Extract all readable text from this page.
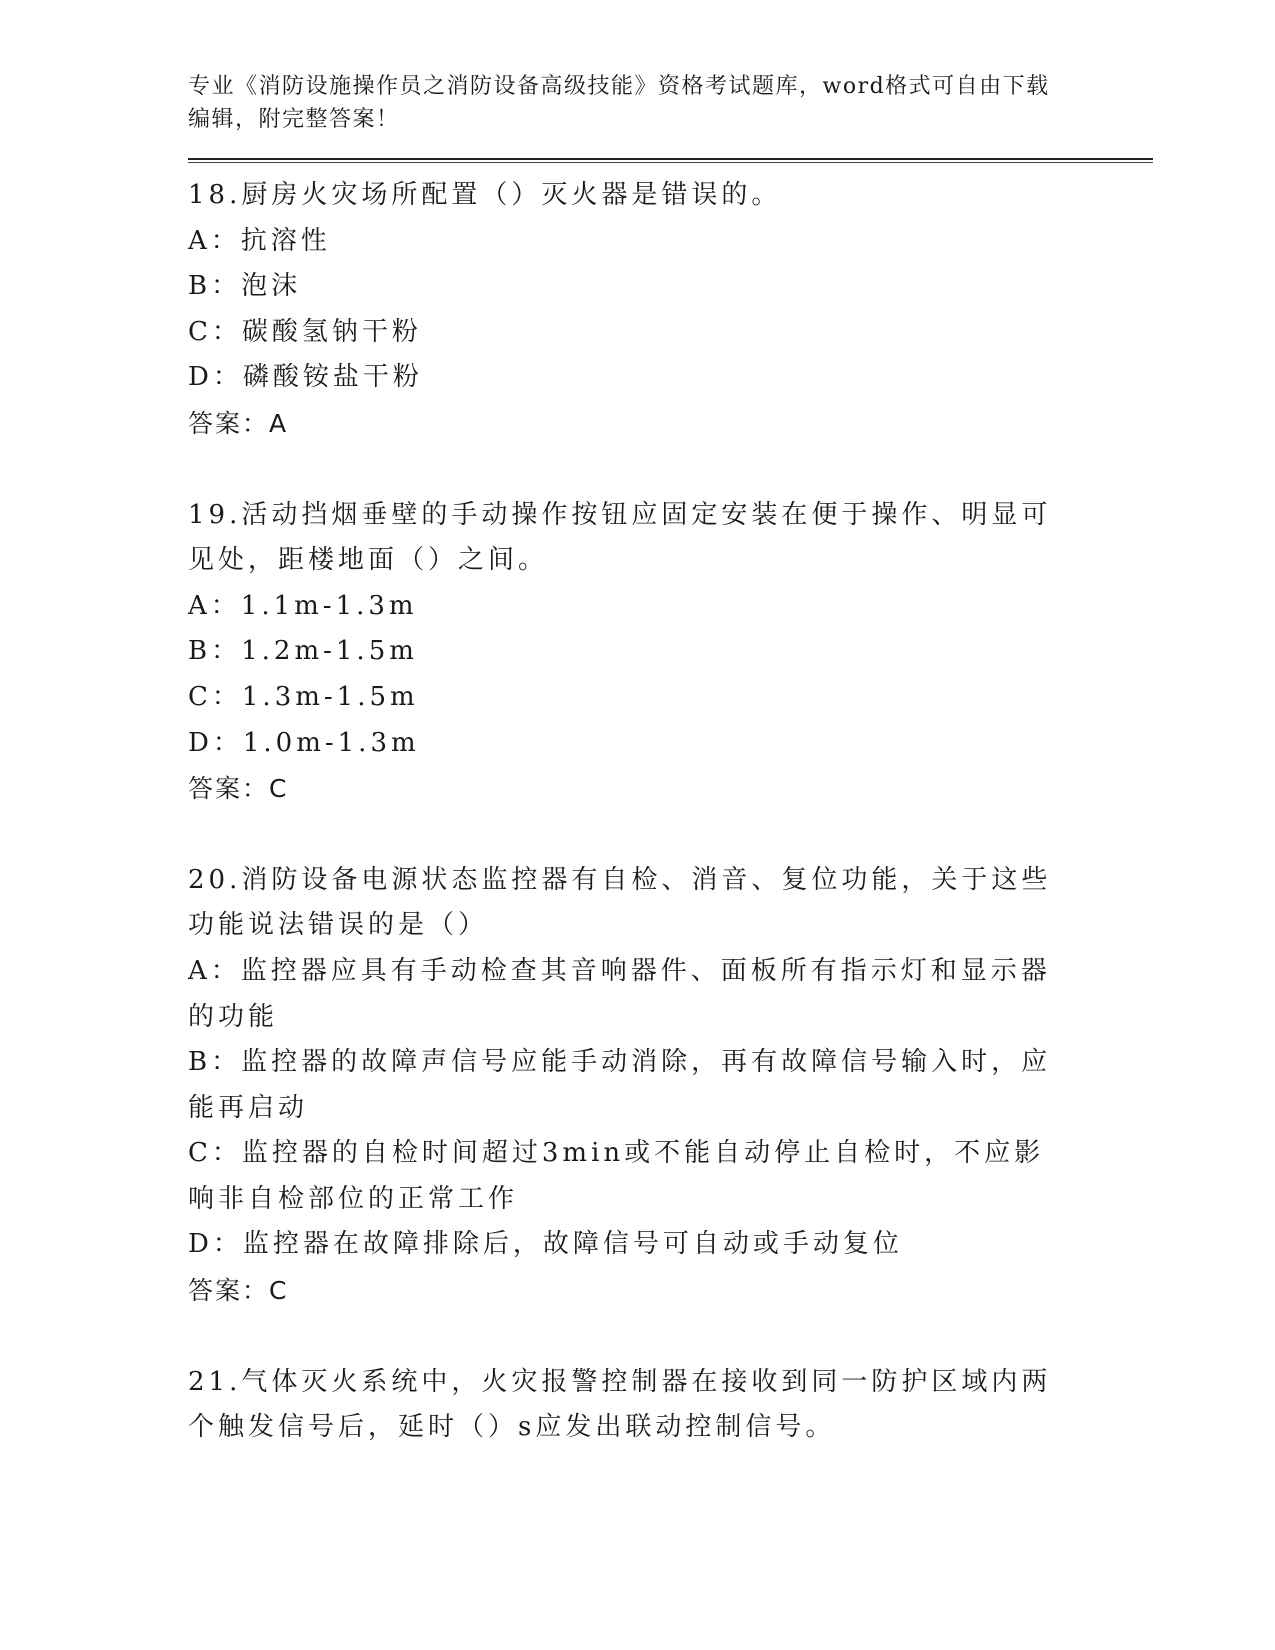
专业《消防设施操作员之消防设备高级技能》资格考试题库，word格式可自由下载编辑，附完整答案！
18.厨房火灾场所配置（）灭火器是错误的。
A：抗溶性
B：泡沫
C：碳酸氢钠干粉
D：磷酸铵盐干粉
答案：A
19.活动挡烟垂壁的手动操作按钮应固定安装在便于操作、明显可见处，距楼地面（）之间。
A：1.1m-1.3m
B：1.2m-1.5m
C：1.3m-1.5m
D：1.0m-1.3m
答案：C
20.消防设备电源状态监控器有自检、消音、复位功能，关于这些功能说法错误的是（）
A：监控器应具有手动检查其音响器件、面板所有指示灯和显示器的功能
B：监控器的故障声信号应能手动消除，再有故障信号输入时，应能再启动
C：监控器的自检时间超过3min或不能自动停止自检时，不应影响非自检部位的正常工作
D：监控器在故障排除后，故障信号可自动或手动复位
答案：C
21.气体灭火系统中，火灾报警控制器在接收到同一防护区域内两个触发信号后，延时（）s应发出联动控制信号。
